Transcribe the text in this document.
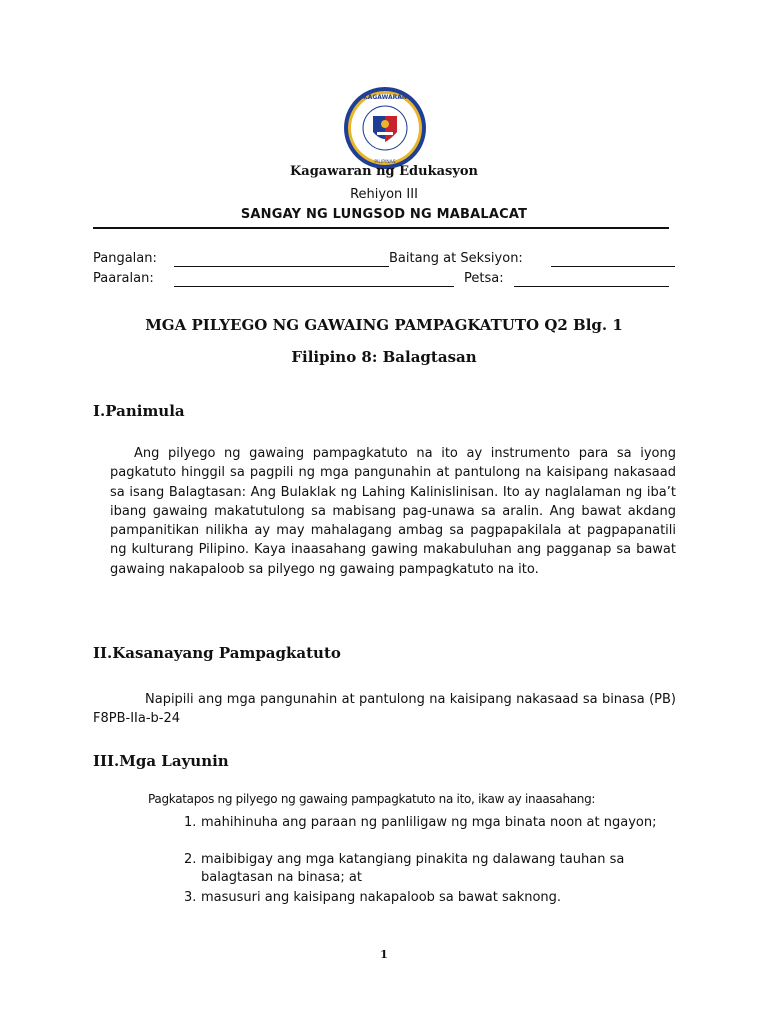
KAGAWARAN
PILIPINAS
Kagawaran ng Edukasyon
Rehiyon III
SANGAY NG LUNGSOD NG MABALACAT
Pangalan:	Baitang at Seksiyon:
Paaralan:	Petsa:
MGA PILYEGO NG GAWAING PAMPAGKATUTO Q2 Blg. 1
Filipino 8: Balagtasan
I.Panimula
Ang pilyego ng gawaing pampagkatuto na ito ay instrumento para sa iyong pagkatuto hinggil sa pagpili ng mga pangunahin at pantulong na kaisipang nakasaad sa isang Balagtasan: Ang Bulaklak ng Lahing Kalinislinisan. Ito ay naglalaman ng iba’t ibang gawaing makatutulong sa mabisang pag-unawa sa aralin. Ang bawat akdang pampanitikan nilikha ay may mahalagang ambag sa pagpapakilala at pagpapanatili ng kulturang Pilipino. Kaya inaasahang gawing makabuluhan ang pagganap sa bawat gawaing nakapaloob sa pilyego ng gawaing pampagkatuto na ito.
II.Kasanayang Pampagkatuto
Napipili ang mga pangunahin at pantulong na kaisipang nakasaad sa binasa (PB) F8PB-IIa-b-24
III.Mga Layunin
Pagkatapos ng pilyego ng gawaing pampagkatuto na ito, ikaw ay inaasahang:
1. mahihinuha ang paraan ng panliligaw ng mga binata noon at ngayon;
2. maibibigay ang mga katangiang pinakita ng dalawang tauhan sa balagtasan na binasa; at
3. masusuri ang kaisipang nakapaloob sa bawat saknong.
1
